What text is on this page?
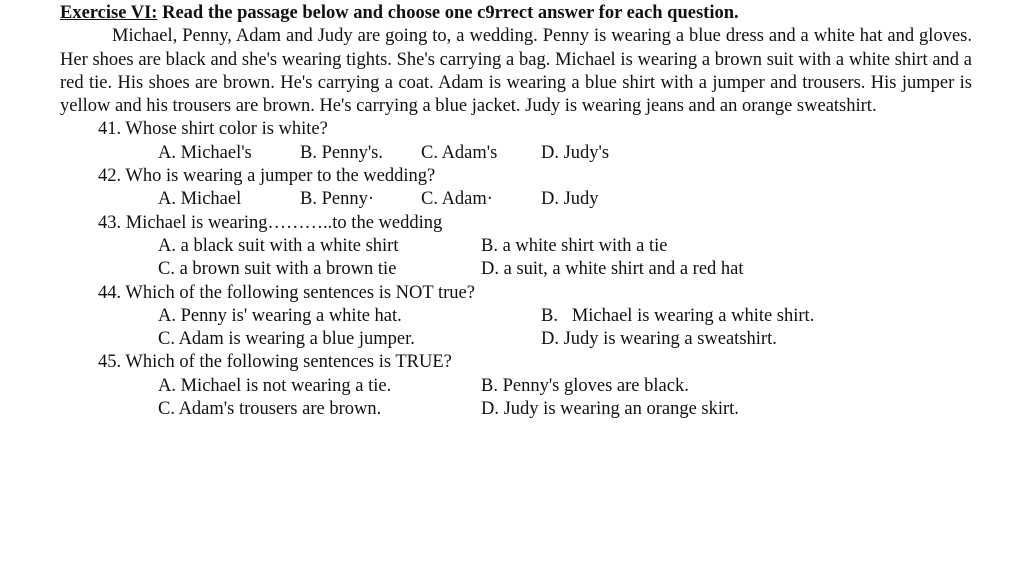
Exercise VI: Read the passage below and choose one c9rrect answer for each question.

Michael, Penny, Adam and Judy are going to, a wedding. Penny is wearing a blue dress and a white hat and gloves. Her shoes are black and she's wearing tights. She's carrying a bag. Michael is wearing a brown suit with a white shirt and a red tie. His shoes are brown. He's carrying a coat. Adam is wearing a blue shirt with a jumper and trousers. His jumper is yellow and his trousers are brown. He's carrying a blue jacket. Judy is wearing jeans and an orange sweatshirt.

41. Whose shirt color is white?
A. Michael's	B. Penny's. C. Adam's D. Judy's
42. Who is wearing a jumper to the wedding?
A. Michael	B. Penny·	C. Adam·	D. Judy
43. Michael is wearing………..to the wedding
A. a black suit with a white shirt	B. a white shirt with a tie
C. a brown suit with a brown tie	D. a suit, a white shirt and a red hat
44. Which of the following sentences is NOT true?
A. Penny is' wearing a white hat.	B.   Michael is wearing a white shirt.
C. Adam is wearing a blue jumper.	D. Judy is wearing a sweatshirt.
45. Which of the following sentences is TRUE?
A. Michael is not wearing a tie.	B. Penny's gloves are black.
C. Adam's trousers are brown.	D. Judy is wearing an orange skirt.
